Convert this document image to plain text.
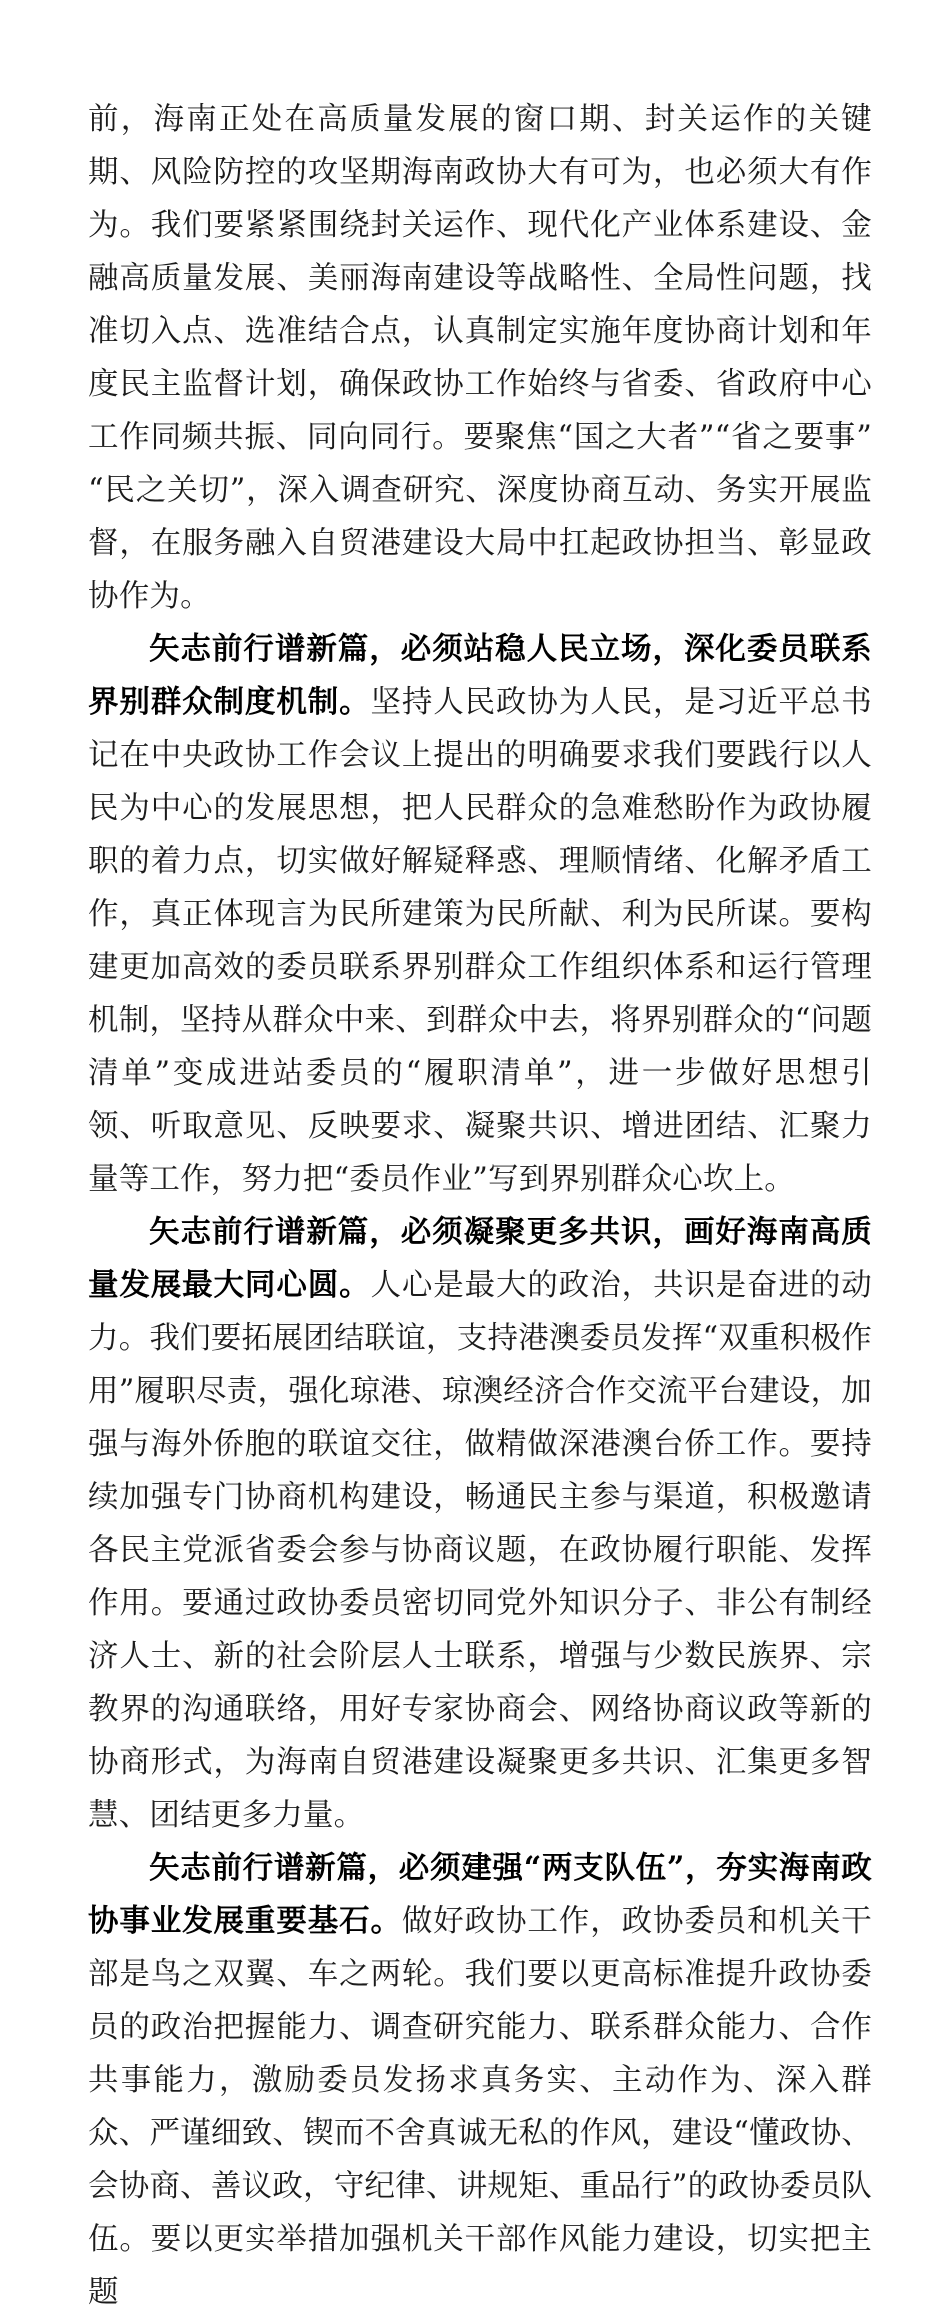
前，海南正处在高质量发展的窗口期、封关运作的关键期、风险防控的攻坚期海南政协大有可为，也必须大有作为。我们要紧紧围绕封关运作、现代化产业体系建设、金融高质量发展、美丽海南建设等战略性、全局性问题，找准切入点、选准结合点，认真制定实施年度协商计划和年度民主监督计划，确保政协工作始终与省委、省政府中心工作同频共振、同向同行。要聚焦“国之大者”“省之要事”“民之关切”，深入调查研究、深度协商互动、务实开展监督，在服务融入自贸港建设大局中扛起政协担当、彰显政协作为。

矢志前行谱新篇，必须站稳人民立场，深化委员联系界别群众制度机制。坚持人民政协为人民，是习近平总书记在中央政协工作会议上提出的明确要求我们要践行以人民为中心的发展思想，把人民群众的急难愁盼作为政协履职的着力点，切实做好解疑释惑、理顺情绪、化解矛盾工作，真正体现言为民所建策为民所献、利为民所谋。要构建更加高效的委员联系界别群众工作组织体系和运行管理机制，坚持从群众中来、到群众中去，将界别群众的“问题清单”变成进站委员的“履职清单”，进一步做好思想引领、听取意见、反映要求、凝聚共识、增进团结、汇聚力量等工作，努力把“委员作业”写到界别群众心坎上。

矢志前行谱新篇，必须凝聚更多共识，画好海南高质量发展最大同心圆。人心是最大的政治，共识是奋进的动力。我们要拓展团结联谊，支持港澳委员发挥“双重积极作用”履职尽责，强化琼港、琼澳经济合作交流平台建设，加强与海外侨胞的联谊交往，做精做深港澳台侨工作。要持续加强专门协商机构建设，畅通民主参与渠道，积极邀请各民主党派省委会参与协商议题，在政协履行职能、发挥作用。要通过政协委员密切同党外知识分子、非公有制经济人士、新的社会阶层人士联系，增强与少数民族界、宗教界的沟通联络，用好专家协商会、网络协商议政等新的协商形式，为海南自贸港建设凝聚更多共识、汇集更多智慧、团结更多力量。

矢志前行谱新篇，必须建强“两支队伍”，夯实海南政协事业发展重要基石。做好政协工作，政协委员和机关干部是鸟之双翼、车之两轮。我们要以更高标准提升政协委员的政治把握能力、调查研究能力、联系群众能力、合作共事能力，激励委员发扬求真务实、主动作为、深入群众、严谨细致、锲而不舍真诚无私的作风，建设“懂政协、会协商、善议政，守纪律、讲规矩、重品行”的政协委员队伍。要以更实举措加强机关干部作风能力建设，切实把主题
